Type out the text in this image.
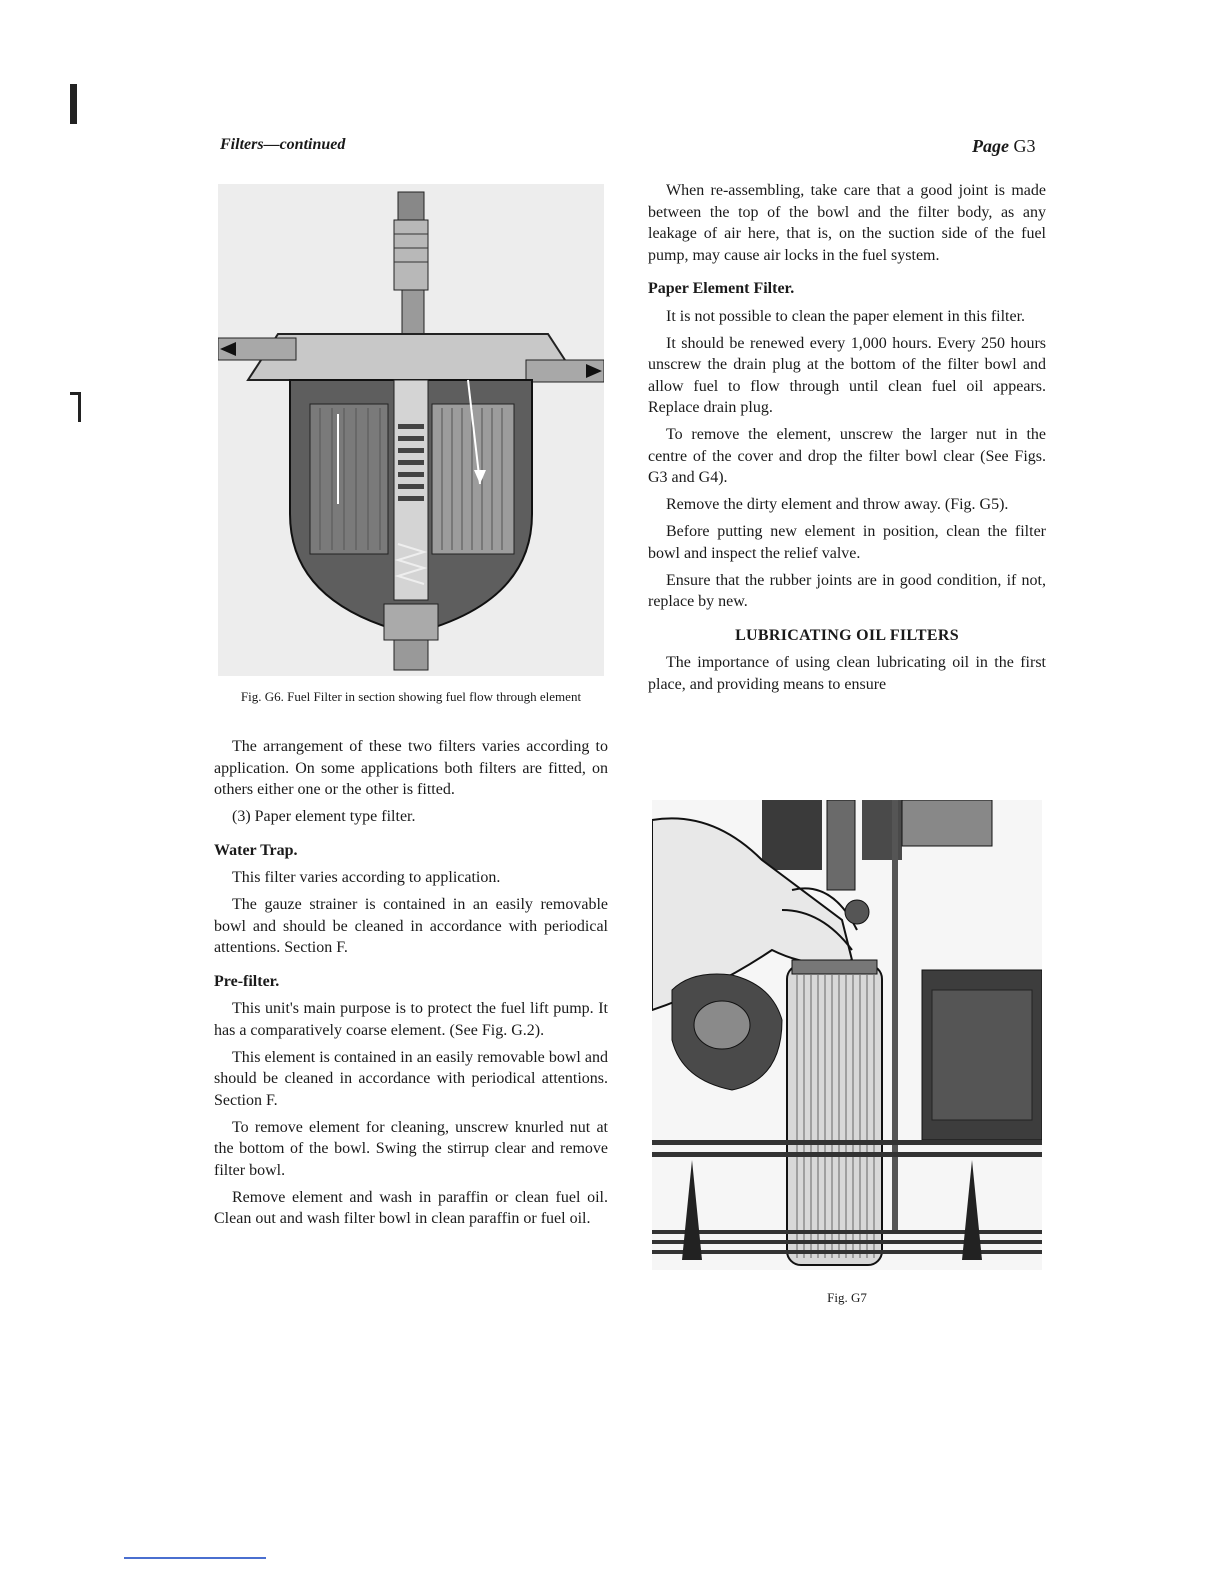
Filters—continued	Page G3
Fig. G6. Fuel Filter in section showing fuel flow through element

The arrangement of these two filters varies according to application. On some applications both filters are fitted, on others either one or the other is fitted.

(3) Paper element type filter.

Water Trap.

This filter varies according to application.

The gauze strainer is contained in an easily removable bowl and should be cleaned in accordance with periodical attentions. Section F.

Pre-filter.

This unit's main purpose is to protect the fuel lift pump. It has a comparatively coarse element. (See Fig. G.2).

This element is contained in an easily removable bowl and should be cleaned in accordance with periodical attentions. Section F.

To remove element for cleaning, unscrew knurled nut at the bottom of the bowl. Swing the stirrup clear and remove filter bowl.

Remove element and wash in paraffin or clean fuel oil. Clean out and wash filter bowl in clean paraffin or fuel oil.

When re-assembling, take care that a good joint is made between the top of the bowl and the filter body, as any leakage of air here, that is, on the suction side of the fuel pump, may cause air locks in the fuel system.

Paper Element Filter.

It is not possible to clean the paper element in this filter.

It should be renewed every 1,000 hours. Every 250 hours unscrew the drain plug at the bottom of the filter bowl and allow fuel to flow through until clean fuel oil appears. Replace drain plug.

To remove the element, unscrew the larger nut in the centre of the cover and drop the filter bowl clear (See Figs. G3 and G4).

Remove the dirty element and throw away. (Fig. G5).

Before putting new element in position, clean the filter bowl and inspect the relief valve.

Ensure that the rubber joints are in good condition, if not, replace by new.

LUBRICATING OIL FILTERS

The importance of using clean lubricating oil in the first place, and providing means to ensure

Fig. G7
